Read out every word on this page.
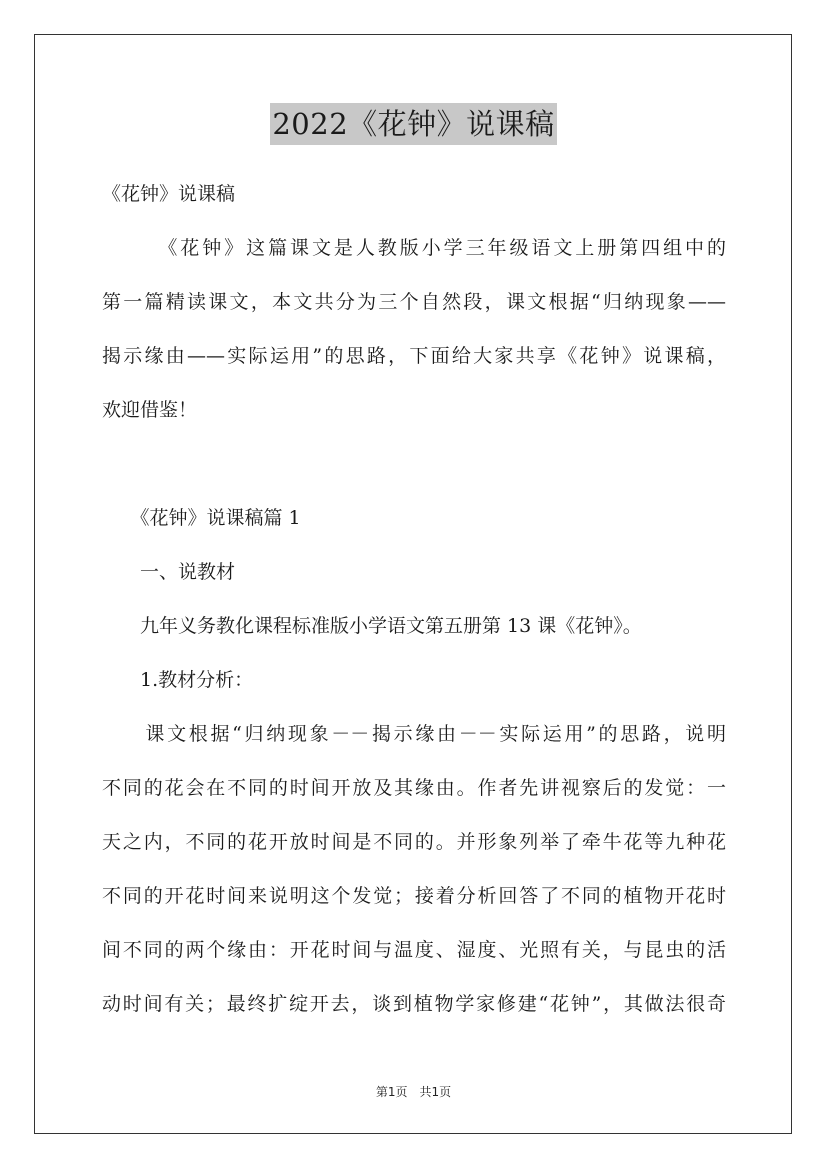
2022《花钟》说课稿
《花钟》说课稿
　　　《花钟》这篇课文是人教版小学三年级语文上册第四组中的
第一篇精读课文，本文共分为三个自然段，课文根据“归纳现象——
揭示缘由——实际运用”的思路，下面给大家共享《花钟》说课稿，
欢迎借鉴！
　　《花钟》说课稿篇 1
　　一、说教材
　　九年义务教化课程标准版小学语文第五册第 13 课《花钟》。
　　1.教材分析：
　　课文根据“归纳现象－－揭示缘由－－实际运用”的思路，说明
不同的花会在不同的时间开放及其缘由。作者先讲视察后的发觉：一
天之内，不同的花开放时间是不同的。并形象列举了牵牛花等九种花
不同的开花时间来说明这个发觉；接着分析回答了不同的植物开花时
间不同的两个缘由：开花时间与温度、湿度、光照有关，与昆虫的活
动时间有关；最终扩绽开去，谈到植物学家修建“花钟”，其做法很奇
第1页　共1页
